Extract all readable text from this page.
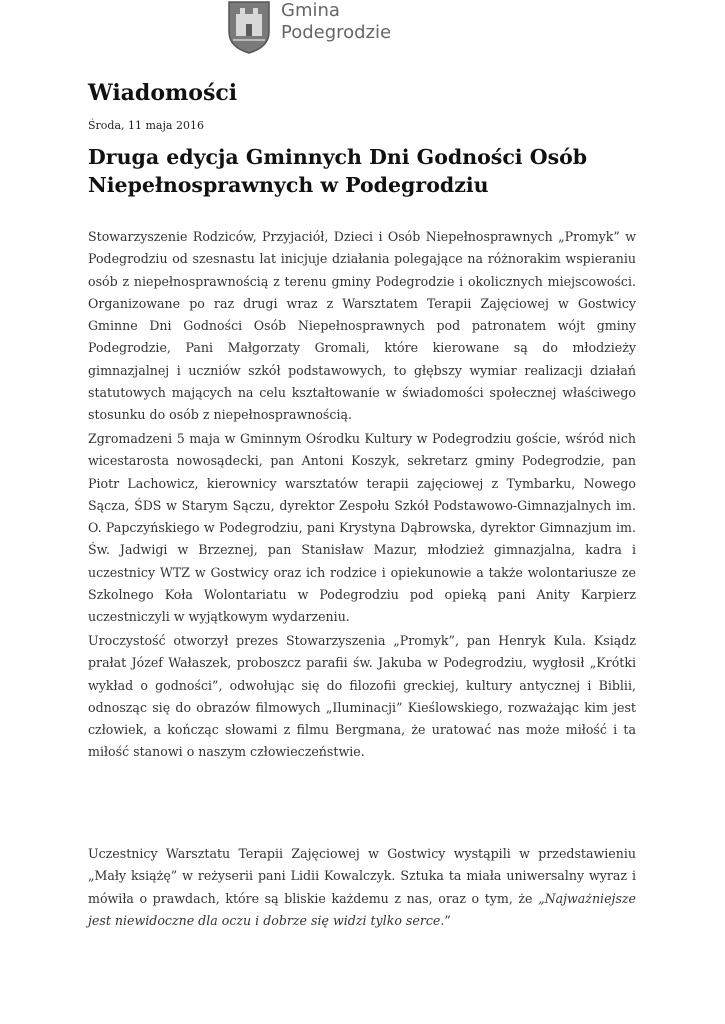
Gmina
Podegrodzie
Wiadomości
Środa, 11 maja 2016
Druga edycja Gminnych Dni Godności Osób Niepełnosprawnych w Podegrodziu

Stowarzyszenie Rodziców, Przyjaciół, Dzieci i Osób Niepełnosprawnych „Promyk” w Podegrodziu od szesnastu lat inicjuje działania polegające na różnorakim wspieraniu osób z niepełnosprawnością z terenu gminy Podegrodzie i okolicznych miejscowości. Organizowane po raz drugi wraz z Warsztatem Terapii Zajęciowej w Gostwicy Gminne Dni Godności Osób Niepełnosprawnych pod patronatem wójt gminy Podegrodzie, Pani Małgorzaty Gromali, które kierowane są do młodzieży gimnazjalnej i uczniów szkół podstawowych, to głębszy wymiar realizacji działań statutowych mających na celu kształtowanie w świadomości społecznej właściwego stosunku do osób z niepełnosprawnością.

Zgromadzeni 5 maja w Gminnym Ośrodku Kultury w Podegrodziu goście, wśród nich wicestarosta nowosądecki, pan Antoni Koszyk, sekretarz gminy Podegrodzie, pan Piotr Lachowicz, kierownicy warsztatów terapii zajęciowej z Tymbarku, Nowego Sącza, ŚDS w Starym Sączu, dyrektor Zespołu Szkół Podstawowo-Gimnazjalnych im. O. Papczyńskiego w Podegrodziu, pani Krystyna Dąbrowska, dyrektor Gimnazjum im. Św. Jadwigi w Brzeznej, pan Stanisław Mazur, młodzież gimnazjalna, kadra i uczestnicy WTZ w Gostwicy oraz ich rodzice i opiekunowie a także wolontariusze ze Szkolnego Koła Wolontariatu w Podegrodziu pod opieką pani Anity Karpierz uczestniczyli w wyjątkowym wydarzeniu.

Uroczystość otworzył prezes Stowarzyszenia „Promyk”, pan Henryk Kula. Ksiądz prałat Józef Wałaszek, proboszcz parafii św. Jakuba w Podegrodziu, wygłosił „Krótki wykład o godności”, odwołując się do filozofii greckiej, kultury antycznej i Biblii, odnosząc się do obrazów filmowych „Iluminacji” Kieślowskiego, rozważając kim jest człowiek, a kończąc słowami z filmu Bergmana, że uratować nas może miłość i ta miłość stanowi o naszym człowieczeństwie.

Uczestnicy Warsztatu Terapii Zajęciowej w Gostwicy wystąpili w przedstawieniu „Mały książę” w reżyserii pani Lidii Kowalczyk. Sztuka ta miała uniwersalny wyraz i mówiła o prawdach, które są bliskie każdemu z nas, oraz o tym, że „Najważniejsze jest niewidoczne dla oczu i dobrze się widzi tylko serce.”
